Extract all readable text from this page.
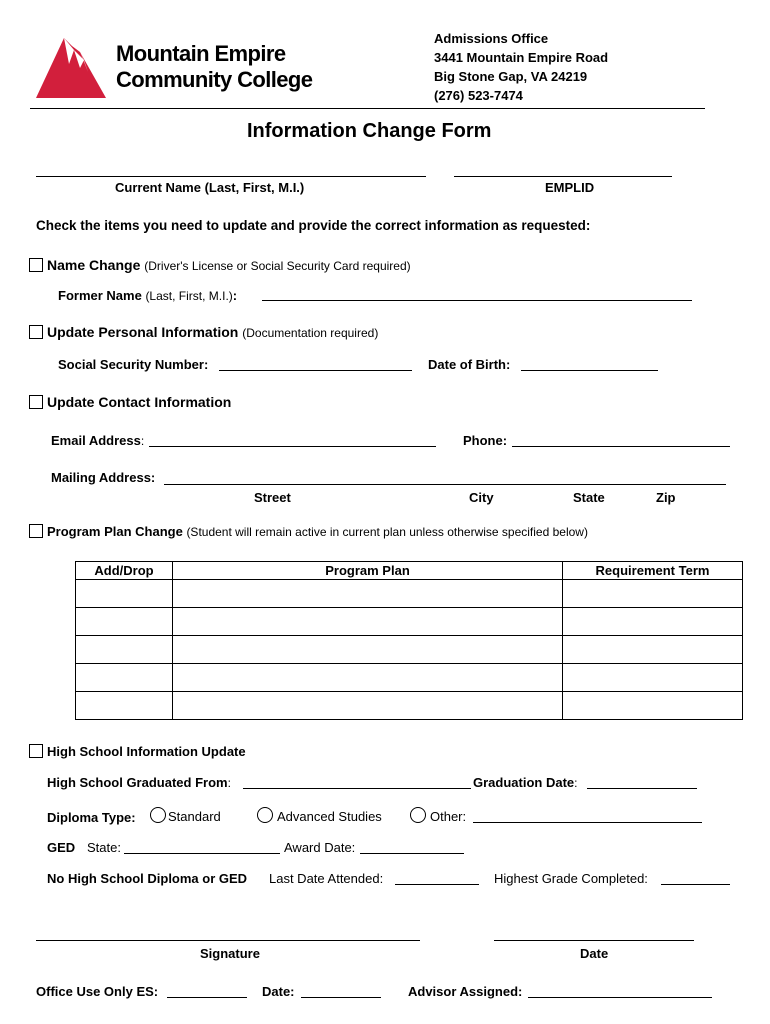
Mountain Empire
Community College
Admissions Office
3441 Mountain Empire Road
Big Stone Gap, VA 24219
(276) 523-7474
Information Change Form
Current Name (Last, First, M.I.)	EMPLID
Check the items you need to update and provide the correct information as requested:
Name Change (Driver's License or Social Security Card required)
Former Name (Last, First, M.I.):
Update Personal Information (Documentation required)
Social Security Number:	Date of Birth:
Update Contact Information
Email Address:	Phone:
Mailing Address:
Street	City	State	Zip
Program Plan Change (Student will remain active in current plan unless otherwise specified below)
Add/Drop	Program Plan	Requirement Term

High School Information Update
High School Graduated From:	Graduation Date:
Diploma Type: Standard	Advanced Studies	Other:
GED State:	Award Date:
No High School Diploma or GED Last Date Attended:	Highest Grade Completed:
Signature	Date
Office Use Only ES:	Date:	Advisor Assigned:
